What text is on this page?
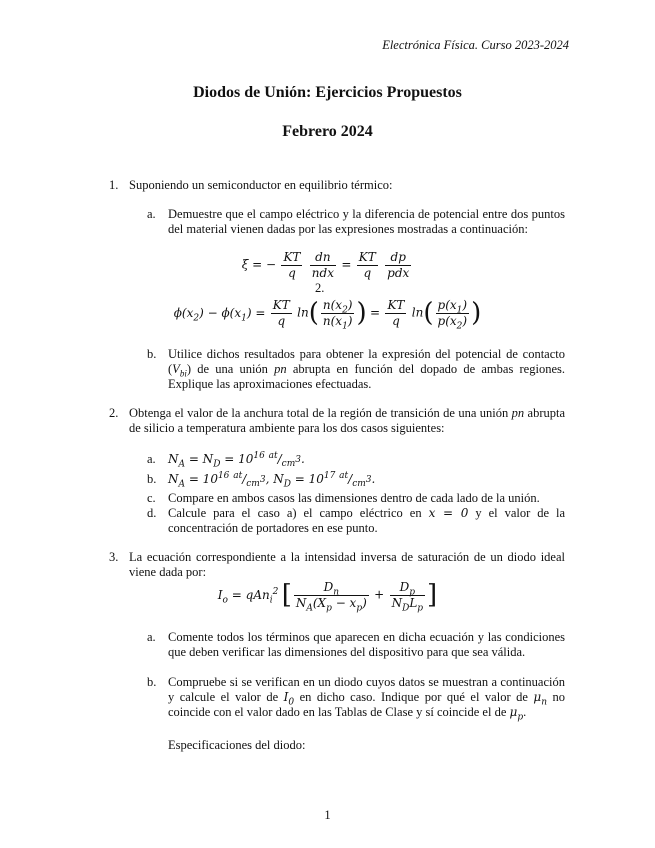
Electrónica Física. Curso 2023-2024
Diodos de Unión: Ejercicios Propuestos
Febrero 2024
1. Suponiendo un semiconductor en equilibrio térmico:
a. Demuestre que el campo eléctrico y la diferencia de potencial entre dos puntos del material vienen dadas por las expresiones mostradas a continuación:
ξ = − $\frac{KT}{q}$
	dn
ndx
= $\frac{KT}{q}$
	dp
pdx
2.
$\phi(x_2) - \phi(x_1) = \frac{KT}{q} \ln( \frac{n(x_2)}{n(x_1)}$ ) = $\frac{KT}{q} \ln( \frac{p(x_1)}{p(x_2)}$ )
b. Utilice dichos resultados para obtener la expresión del potencial de contacto $(V_{bi})$ de una unión pn abrupta en función del dopado de ambas regiones. Explique las aproximaciones efectuadas.
2. Obtenga el valor de la anchura total de la región de transición de una unión pn abrupta de silicio a temperatura ambiente para los dos casos siguientes:
a. $N_A = N_D = 10^{16}$ $^{at}/_{cm^3}$.
b. $N_A = 10^{16}$ $^{at}/_{cm^3}$, $N_D = 10^{17}$ $^{at}/_{cm^3}$.
c. Compare en ambos casos las dimensiones dentro de cada lado de la unión.
d. Calcule para el caso a) el campo eléctrico en x = 0 y el valor de la concentración de portadores en ese punto.
3. La ecuación correspondiente a la intensidad inversa de saturación de un diodo ideal viene dada por:
$I_o = qAn_i^2$ [ $\frac{D_n}{N_A(X_p - x_p)}$ +
$D_p$
$N_DL_p$ ]
a. Comente todos los términos que aparecen en dicha ecuación y las condiciones que deben verificar las dimensiones del dispositivo para que sea válida.
b. Compruebe si se verifican en un diodo cuyos datos se muestran a continuación y calcule el valor de $I_0$ en dicho caso. Indique por qué el valor de $\mu_n$ no coincide con el valor dado en las Tablas de Clase y sí coincide el de $\mu_p$.
Especificaciones del diodo:
1
